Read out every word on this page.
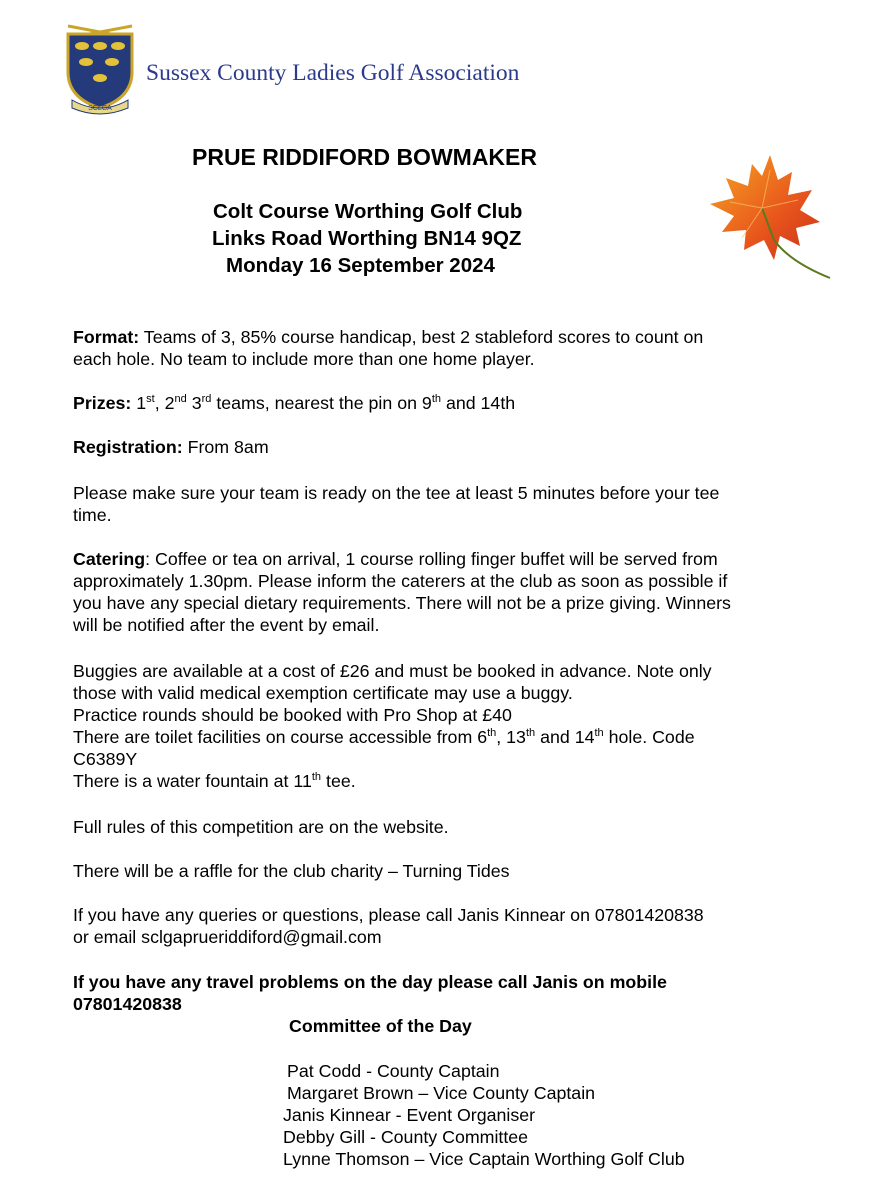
SCLGA
Sussex County Ladies Golf Association
PRUE RIDDIFORD BOWMAKER
Colt Course Worthing Golf Club
Links Road Worthing BN14 9QZ
Monday 16 September 2024
Format: Teams of 3, 85% course handicap, best 2 stableford scores to count on
each hole. No team to include more than one home player.
Prizes: 1st, 2nd 3rd teams, nearest the pin on 9th and 14th
Registration: From 8am
Please make sure your team is ready on the tee at least 5 minutes before your tee
time.
Catering: Coffee or tea on arrival, 1 course rolling finger buffet will be served from
approximately 1.30pm. Please inform the caterers at the club as soon as possible if
you have any special dietary requirements. There will not be a prize giving. Winners
will be notified after the event by email.
Buggies are available at a cost of £26 and must be booked in advance. Note only
those with valid medical exemption certificate may use a buggy.
Practice rounds should be booked with Pro Shop at £40
There are toilet facilities on course accessible from 6th, 13th and 14th hole. Code
C6389Y
There is a water fountain at 11th tee.
Full rules of this competition are on the website.
There will be a raffle for the club charity – Turning Tides
If you have any queries or questions, please call Janis Kinnear on 07801420838
or email sclgaprueriddiford@gmail.com
If you have any travel problems on the day please call Janis on mobile
07801420838
Committee of the Day
Pat Codd - County Captain
Margaret Brown – Vice County Captain
Janis Kinnear - Event Organiser
Debby Gill - County Committee
Lynne Thomson – Vice Captain Worthing Golf Club
